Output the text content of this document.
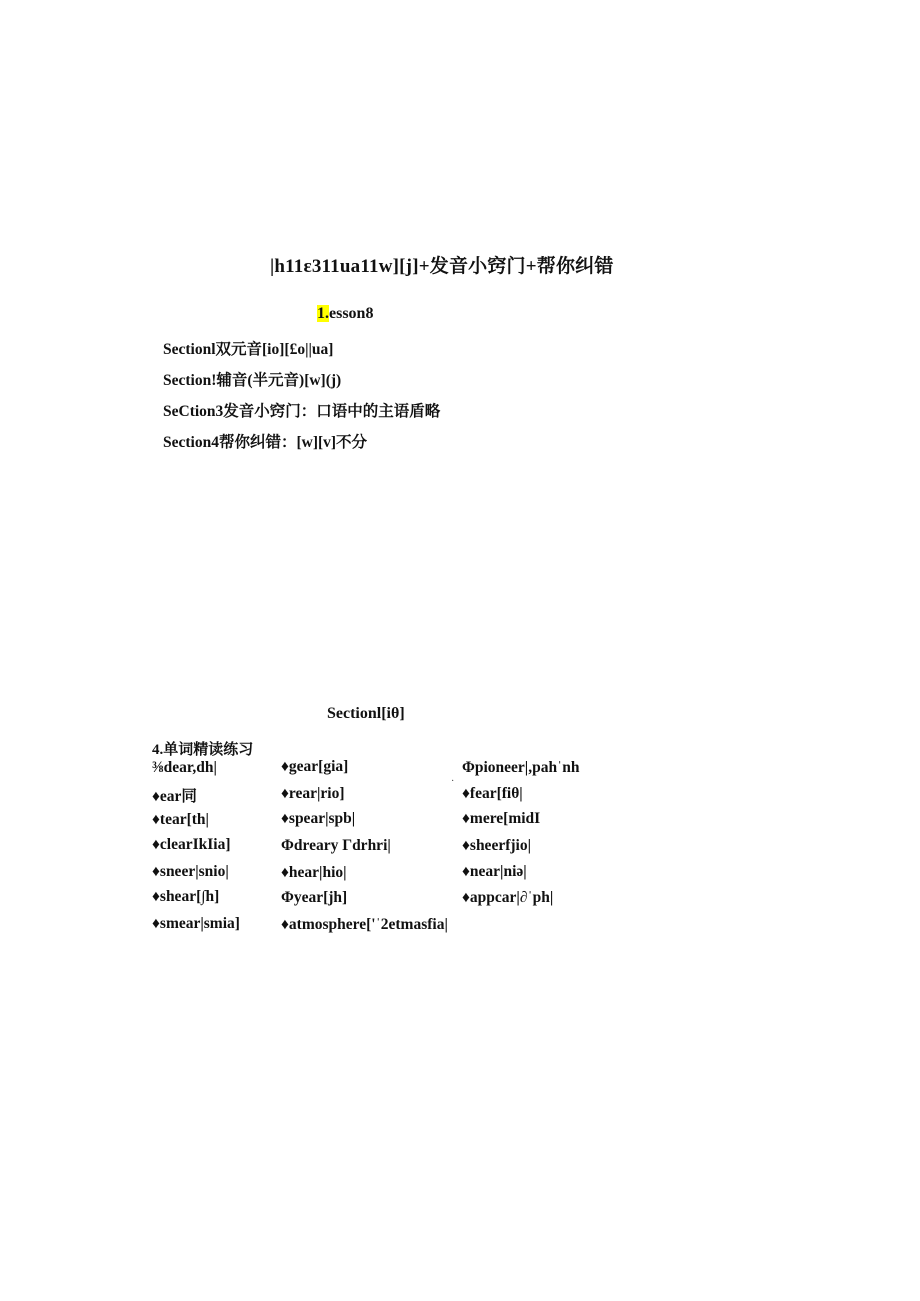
|h11ɛ311ua11w][j]+发音小窍门+帮你纠错
1.esson8
Sectionl双元音[io][£o||ua]
Section!辅音(半元音)[w](j)
SeCtion3发音小窍门：口语中的主语盾略
Section4帮你纠错：[w][v]不分
Sectionl[iθ]
4.单词精读练习
⅜dear,dh|
♦ear同
♦tear[th|
♦clearIkIia]
♦sneer|snio|
♦shear[∫h]
♦smear|smia]
♦gear[gia]
♦rear|rio]
♦spear|spb|
Φdreary Гdrhri|
♦hear|hio|
Φyear[jh]
♦atmosphere['ˈ2etmasfia|
Φpioneer|,pahˈnh
♦fear[fiθ|
♦mere[midI
♦sheerfjio|
♦near|niə|
♦appcar|∂ˈph|
·
